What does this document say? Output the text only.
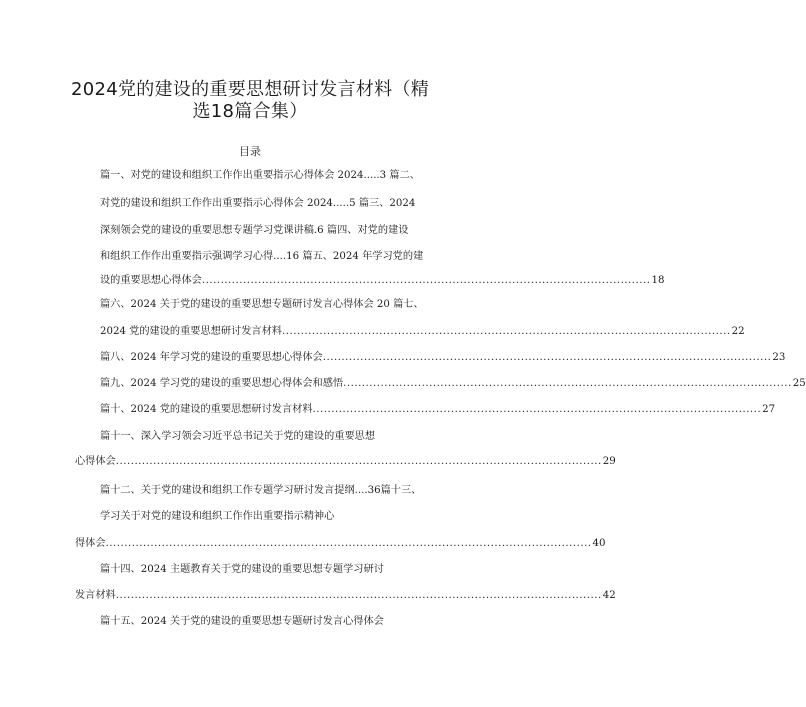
2024党的建设的重要思想研讨发言材料（精
选18篇合集）
目录
篇一、对党的建设和组织工作作出重要指示心得体会 2024.....3 篇二、
对党的建设和组织工作作出重要指示心得体会 2024.....5 篇三、2024
深刻领会党的建设的重要思想专题学习党课讲稿.6 篇四、对党的建设
和组织工作作出重要指示强调学习心得....16 篇五、2024 年学习党的建
设的重要思想心得体会 ........................................................................................................................ 18
篇六、2024 关于党的建设的重要思想专题研讨发言心得体会 20 篇七、
2024 党的建设的重要思想研讨发言材料 ........................................................................................................................ 22
篇八、2024 年学习党的建设的重要思想心得体会 ........................................................................................................................ 23
篇九、2024 学习党的建设的重要思想心得体会和感悟 ........................................................................................................................ 25
篇十、2024 党的建设的重要思想研讨发言材料 ........................................................................................................................ 27
篇十一、深入学习领会习近平总书记关于党的建设的重要思想
心得体会 .................................................................................................................................. 29
篇十二、关于党的建设和组织工作专题学习研讨发言提纲....36篇十三、
学习关于对党的建设和组织工作作出重要指示精神心
得体会 .................................................................................................................................. 40
篇十四、2024 主题教育关于党的建设的重要思想专题学习研讨
发言材料 .................................................................................................................................. 42
篇十五、2024 关于党的建设的重要思想专题研讨发言心得体会
